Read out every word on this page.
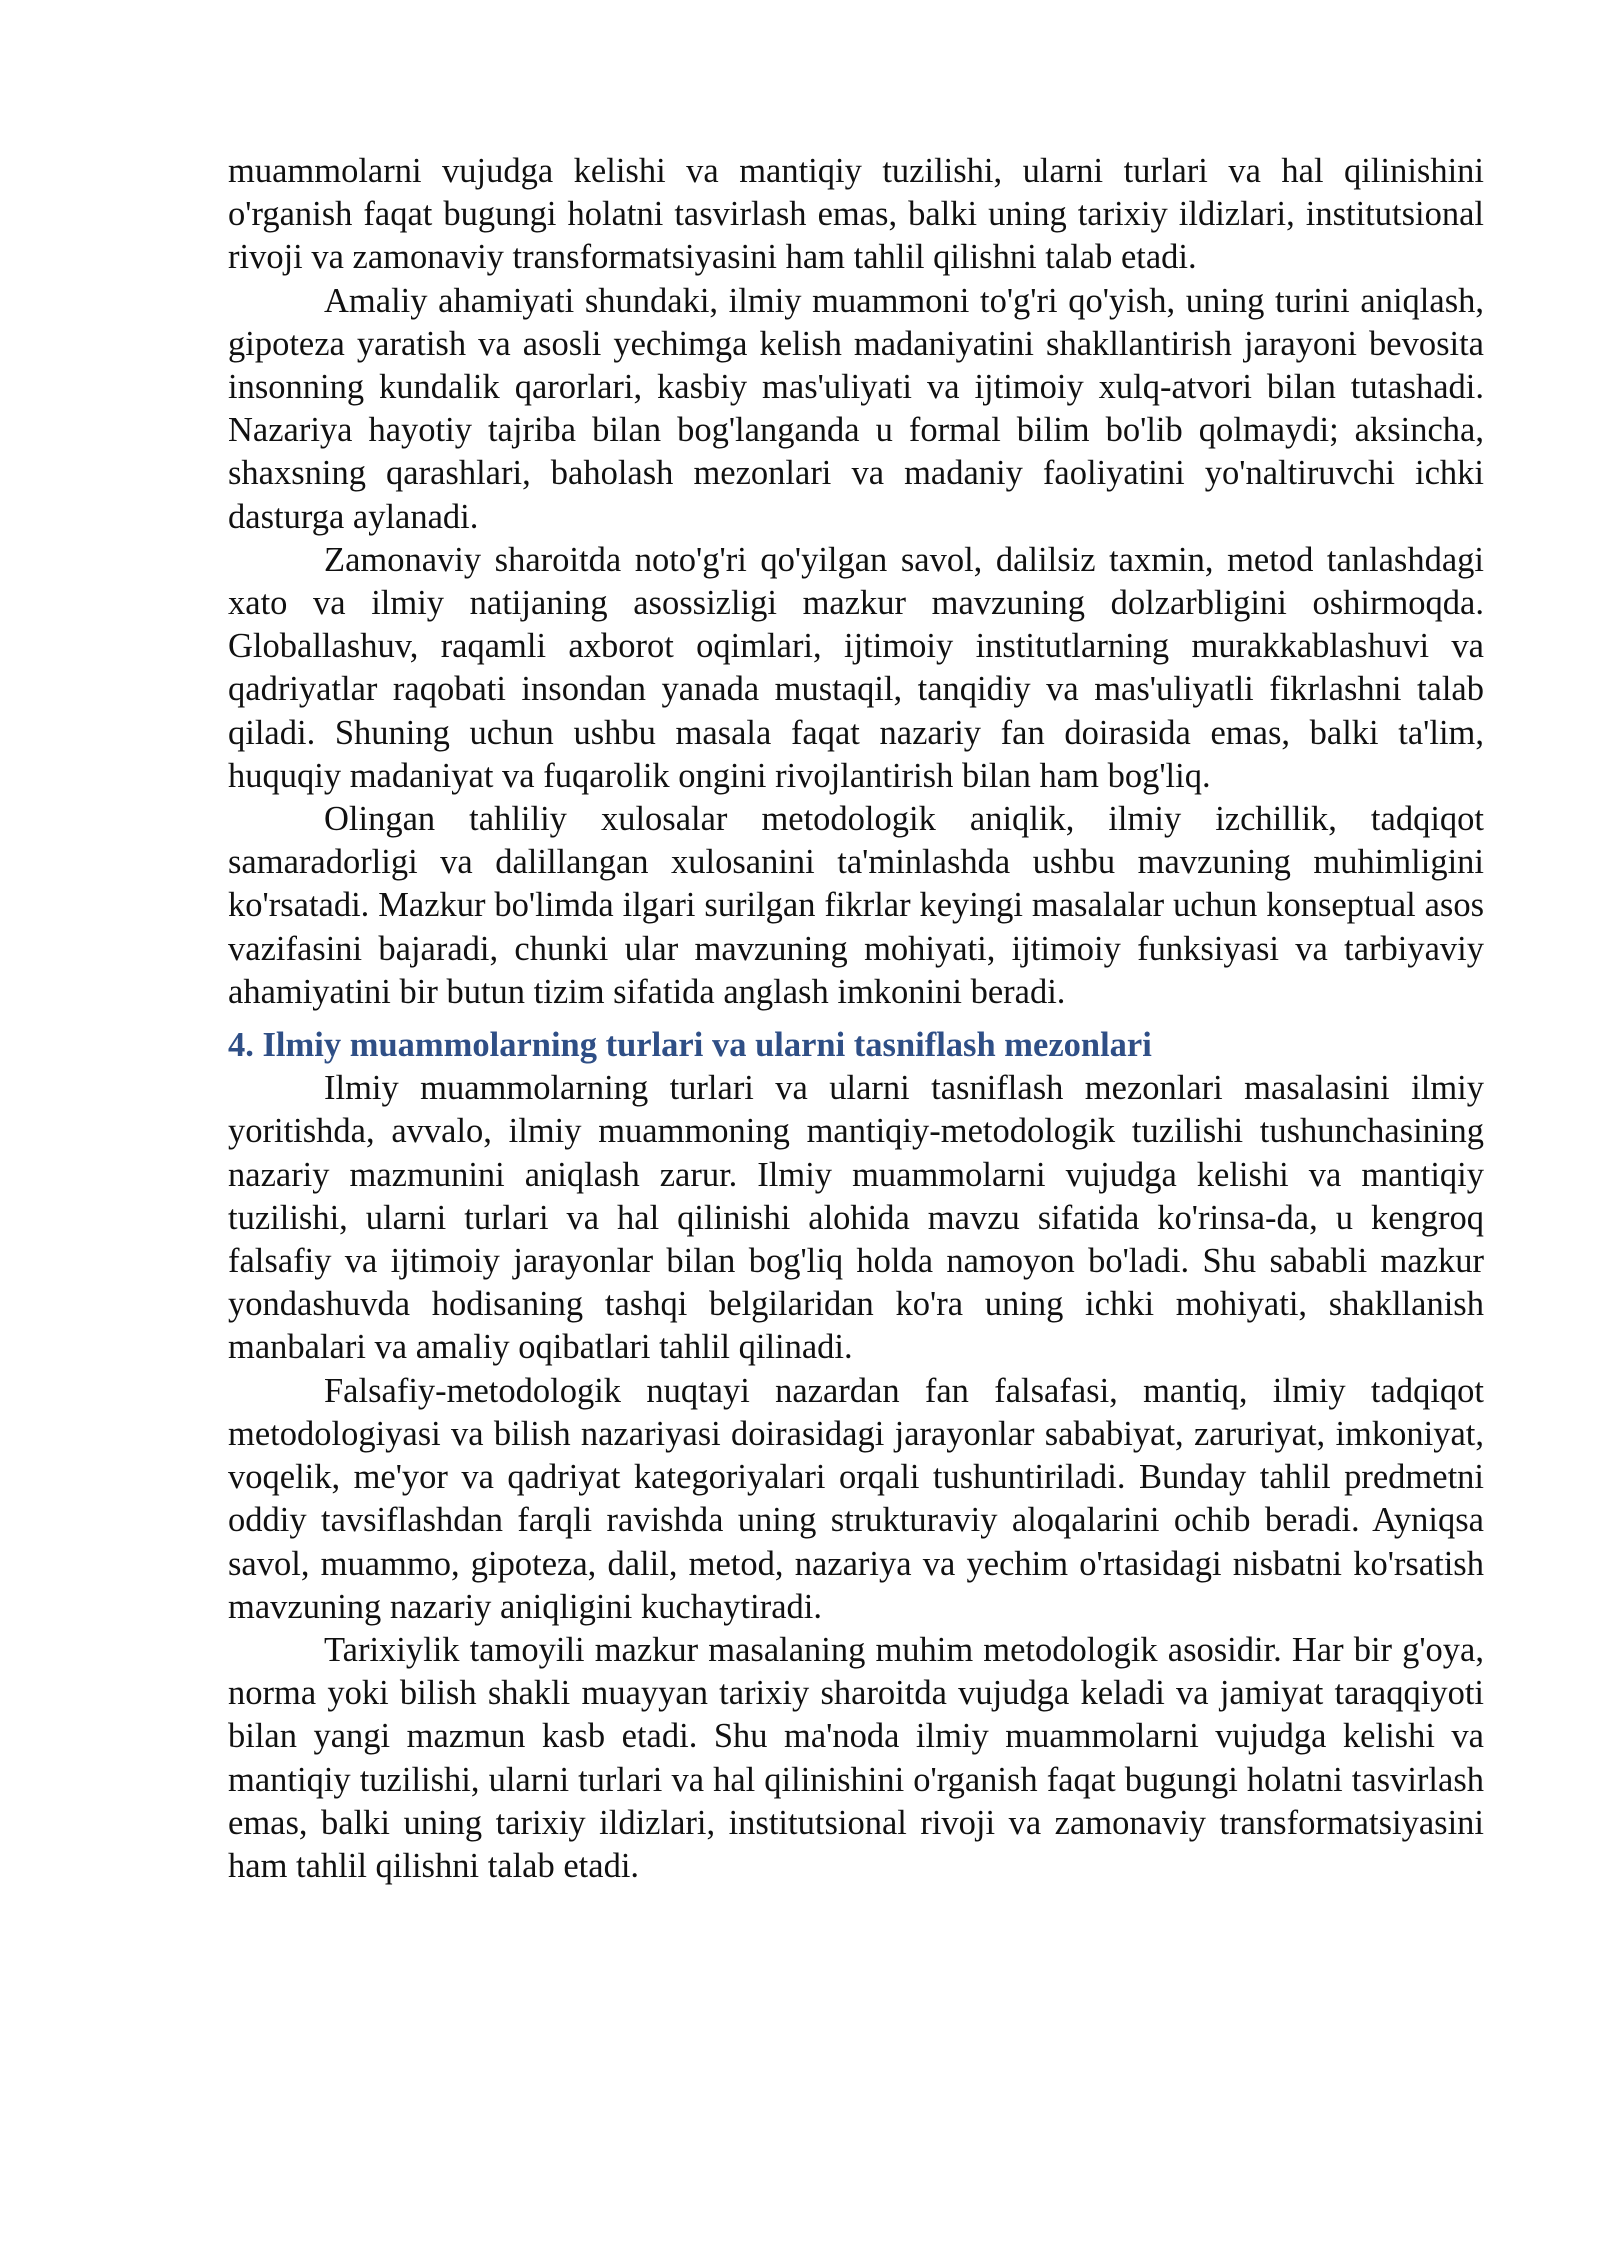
muammolarni vujudga kelishi va mantiqiy tuzilishi, ularni turlari va hal qilinishini o'rganish faqat bugungi holatni tasvirlash emas, balki uning tarixiy ildizlari, institutsional rivoji va zamonaviy transformatsiyasini ham tahlil qilishni talab etadi.

Amaliy ahamiyati shundaki, ilmiy muammoni to'g'ri qo'yish, uning turini aniqlash, gipoteza yaratish va asosli yechimga kelish madaniyatini shakllantirish jarayoni bevosita insonning kundalik qarorlari, kasbiy mas'uliyati va ijtimoiy xulq-atvori bilan tutashadi. Nazariya hayotiy tajriba bilan bog'langanda u formal bilim bo'lib qolmaydi; aksincha, shaxsning qarashlari, baholash mezonlari va madaniy faoliyatini yo'naltiruvchi ichki dasturga aylanadi.

Zamonaviy sharoitda noto'g'ri qo'yilgan savol, dalilsiz taxmin, metod tanlashdagi xato va ilmiy natijaning asossizligi mazkur mavzuning dolzarbligini oshirmoqda. Globallashuv, raqamli axborot oqimlari, ijtimoiy institutlarning murakkablashuvi va qadriyatlar raqobati insondan yanada mustaqil, tanqidiy va mas'uliyatli fikrlashni talab qiladi. Shuning uchun ushbu masala faqat nazariy fan doirasida emas, balki ta'lim, huquqiy madaniyat va fuqarolik ongini rivojlantirish bilan ham bog'liq.

Olingan tahliliy xulosalar metodologik aniqlik, ilmiy izchillik, tadqiqot samaradorligi va dalillangan xulosanini ta'minlashda ushbu mavzuning muhimligini ko'rsatadi. Mazkur bo'limda ilgari surilgan fikrlar keyingi masalalar uchun konseptual asos vazifasini bajaradi, chunki ular mavzuning mohiyati, ijtimoiy funksiyasi va tarbiyaviy ahamiyatini bir butun tizim sifatida anglash imkonini beradi.

4. Ilmiy muammolarning turlari va ularni tasniflash mezonlari

Ilmiy muammolarning turlari va ularni tasniflash mezonlari masalasini ilmiy yoritishda, avvalo, ilmiy muammoning mantiqiy-metodologik tuzilishi tushunchasining nazariy mazmunini aniqlash zarur. Ilmiy muammolarni vujudga kelishi va mantiqiy tuzilishi, ularni turlari va hal qilinishi alohida mavzu sifatida ko'rinsa-da, u kengroq falsafiy va ijtimoiy jarayonlar bilan bog'liq holda namoyon bo'ladi. Shu sababli mazkur yondashuvda hodisaning tashqi belgilaridan ko'ra uning ichki mohiyati, shakllanish manbalari va amaliy oqibatlari tahlil qilinadi.

Falsafiy-metodologik nuqtayi nazardan fan falsafasi, mantiq, ilmiy tadqiqot metodologiyasi va bilish nazariyasi doirasidagi jarayonlar sababiyat, zaruriyat, imkoniyat, voqelik, me'yor va qadriyat kategoriyalari orqali tushuntiriladi. Bunday tahlil predmetni oddiy tavsiflashdan farqli ravishda uning strukturaviy aloqalarini ochib beradi. Ayniqsa savol, muammo, gipoteza, dalil, metod, nazariya va yechim o'rtasidagi nisbatni ko'rsatish mavzuning nazariy aniqligini kuchaytiradi.

Tarixiylik tamoyili mazkur masalaning muhim metodologik asosidir. Har bir g'oya, norma yoki bilish shakli muayyan tarixiy sharoitda vujudga keladi va jamiyat taraqqiyoti bilan yangi mazmun kasb etadi. Shu ma'noda ilmiy muammolarni vujudga kelishi va mantiqiy tuzilishi, ularni turlari va hal qilinishini o'rganish faqat bugungi holatni tasvirlash emas, balki uning tarixiy ildizlari, institutsional rivoji va zamonaviy transformatsiyasini ham tahlil qilishni talab etadi.
